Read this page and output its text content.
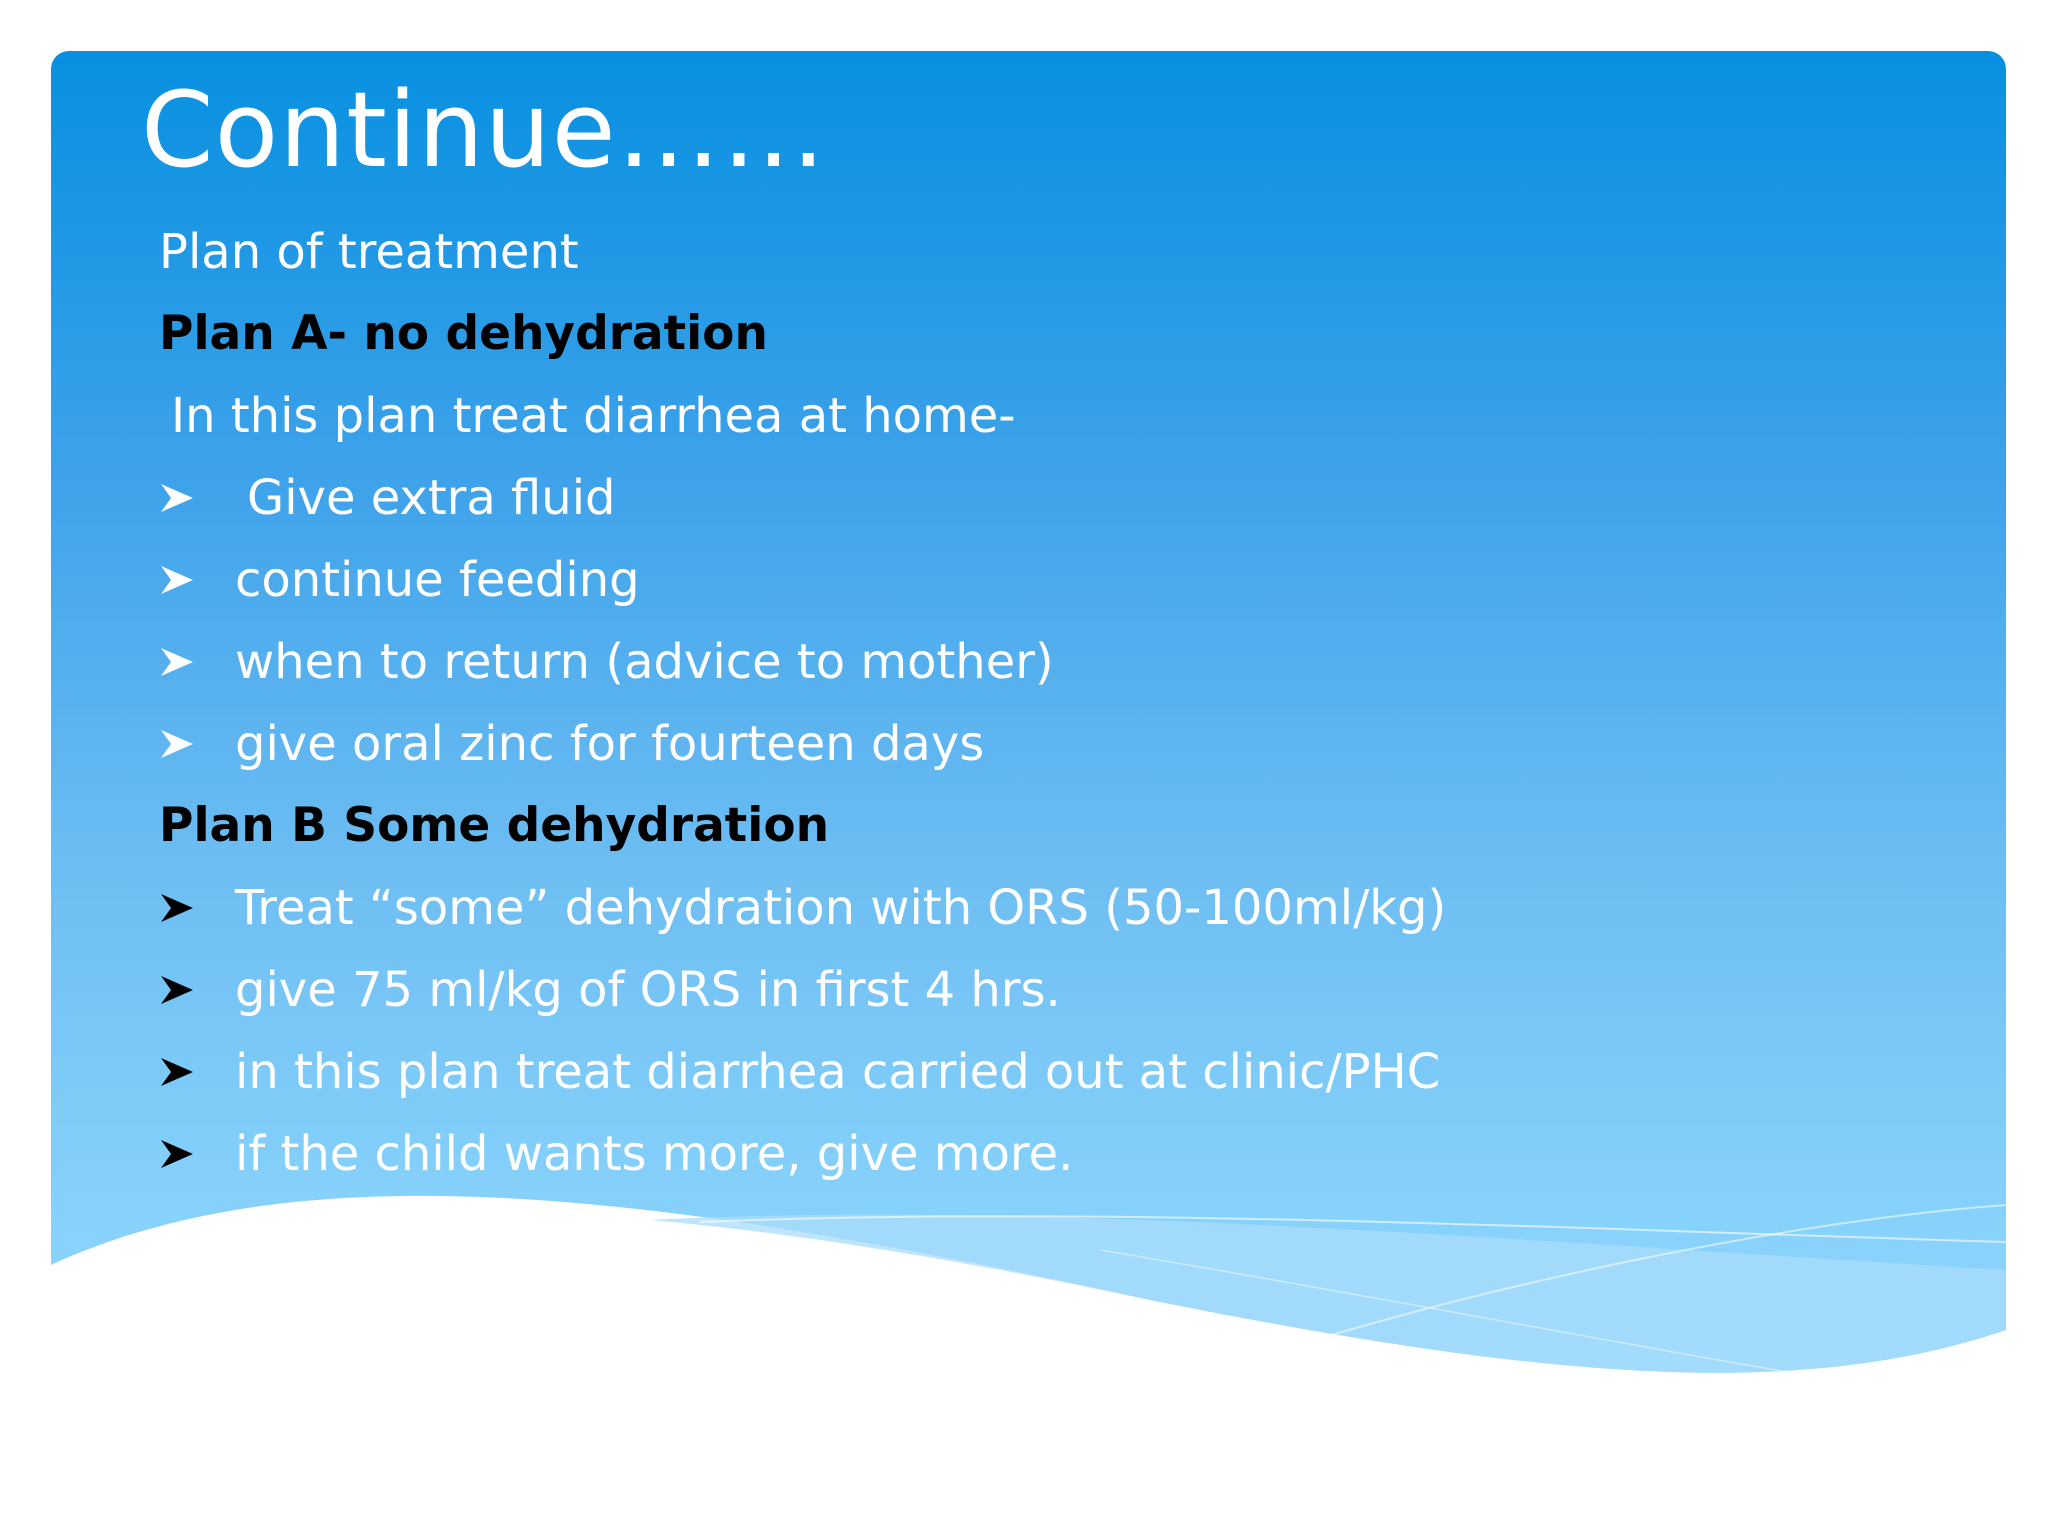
Continue……
Plan of treatment
Plan A- no dehydration
In this plan treat diarrhea at home-
Give extra fluid
continue feeding
when to return (advice to mother)
give oral zinc for fourteen days
Plan B Some dehydration
Treat “some” dehydration with ORS (50-100ml/kg)
give 75 ml/kg of ORS in first 4 hrs.
in this plan treat diarrhea carried out at clinic/PHC
if the child wants more, give more.
